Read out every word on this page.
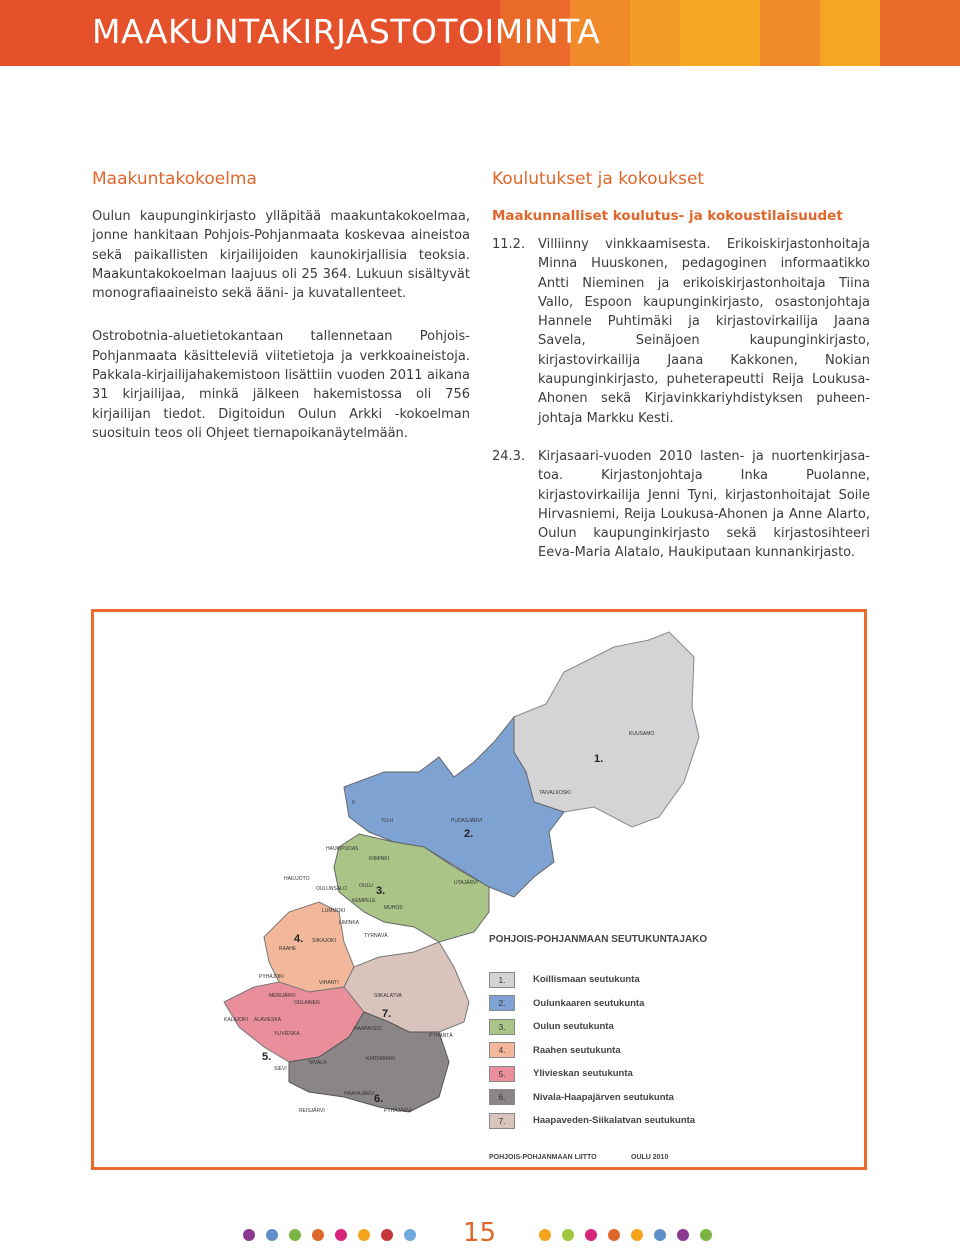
MAAKUNTAKIRJASTOTOIMINTA
Maakuntakokoelma

Oulun kaupunginkirjasto ylläpitää maakuntakokoelmaa, jonne hankitaan Pohjois-Pohjanmaata koskevaa aineistoa sekä paikallisten kirjailijoiden kaunokirjallisia teoksia. Maakuntakokoelman laajuus oli 25 364. Lukuun sisältyvät monografiaaineisto sekä ääni- ja kuvatallenteet.

Ostrobotnia-aluetietokantaan tallennetaan Pohjois-Pohjanmaata käsitteleviä viitetietoja ja verkkoaineistoja. Pakkala-kirjailijahakemistoon lisättiin vuoden 2011 aikana 31 kirjailijaa, minkä jälkeen hakemistossa oli 756 kirjailijan tiedot. Digitoidun Oulun Arkki -kokoelman suosituin teos oli Ohjeet tiernapoikanäytelmään.

Koulutukset ja kokoukset
Maakunnalliset koulutus- ja kokoustilaisuudet
11.2. Villiinny vinkkaamisesta. Erikoiskirjastonhoitaja Minna Huuskonen, pedagoginen informaatikko Antti Nieminen ja erikoiskirjastonhoitaja Tiina Vallo, Espoon kaupunginkirjasto, osastonjohtaja Hannele Puhtimäki ja kirjastovirkailija Jaana Savela, Seinäjoen kaupunginkirjasto, kirjastovirkailija Jaana Kakkonen, Nokian kaupunginkirjasto, puheterapeutti Reija Loukusa-Ahonen sekä Kirjavinkkariyhdistyksen puheenjohtaja Markku Kesti.

24.3. Kirjasaari-vuoden 2010 lasten- ja nuortenkirjasatoa. Kirjastonjohtaja Inka Puolanne, kirjastovirkailija Jenni Tyni, kirjastonhoitajat Soile Hirvasniemi, Reija Loukusa-Ahonen ja Anne Alarto, Oulun kaupunginkirjasto sekä kirjastosihteeri Eeva-Maria Alatalo, Haukiputaan kunnankirjasto.

1.
2.
3.
4.
5.
6.
7.
KUUSAMO
TAIVALKOSKI
II
YLI-II	PUDASJÄRVI
HAUKIPUDAS
KIIMINKI
HAILUOTO
OULUNSALO OULU
KEMPELE
MUHOS
LUMIJOKI
LIMINKA
UTAJÄRVI
TYRNÄVÄ
RAAHE
SIIKAJOKI
PYHÄJOKI
VIHANTI
MERIJÄRVI
OULAINEN
SIIKALATVA
KALAJOKI ALAVIESKA
YLIVIESKA
HAAPAVESI
PYHÄNTÄ
SIEVI
NIVALA
KÄRSÄMÄKI
HAAPAJÄRVI
REISJÄRVI	PYHÄJÄRVI
POHJOIS-POHJANMAAN SEUTUKUNTAJAKO
1.	Koillismaan seutukunta
2.	Oulunkaaren seutukunta
3.	Oulun seutukunta
4.	Raahen seutukunta
5.	Ylivieskan seutukunta
6.	Nivala-Haapajärven seutukunta
7.	Haapaveden-Siikalatvan seutukunta
POHJOIS-POHJANMAAN LIITTO	OULU 2010
15
